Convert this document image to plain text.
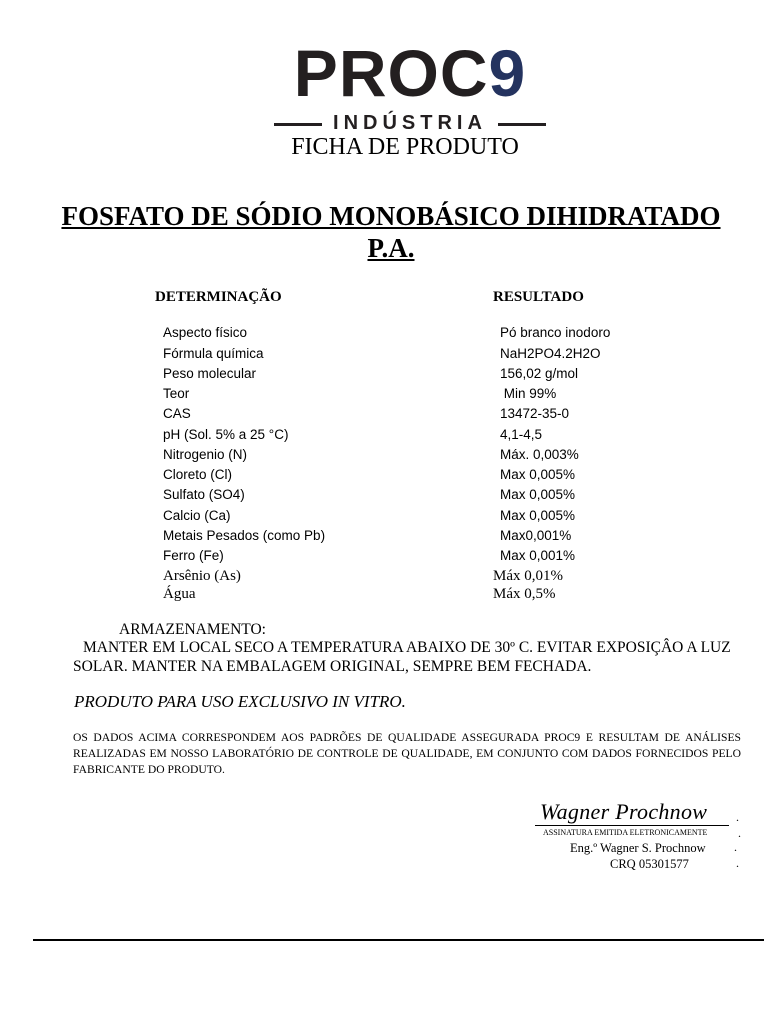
PROC9
INDÚSTRIA
FICHA DE PRODUTO
FOSFATO DE SÓDIO MONOBÁSICO DIHIDRATADO P.A.
DETERMINAÇÃO	RESULTADO
Aspecto físico	Pó branco inodoro
Fórmula química	NaH2PO4.2H2O
Peso molecular	156,02 g/mol
Teor	Min 99%
CAS	13472-35-0
pH (Sol. 5% a 25 °C)	4,1-4,5
Nitrogenio (N)	Máx. 0,003%
Cloreto (Cl)	Max 0,005%
Sulfato (SO4)	Max 0,005%
Calcio (Ca)	Max 0,005%
Metais Pesados (como Pb)	Max0,001%
Ferro (Fe)	Max 0,001%
Arsênio (As)	Máx 0,01%
Água	Máx 0,5%
ARMAZENAMENTO:
MANTER EM LOCAL SECO A TEMPERATURA ABAIXO DE 30º C. EVITAR EXPOSIÇÂO A LUZ SOLAR. MANTER NA EMBALAGEM ORIGINAL, SEMPRE BEM FECHADA.
PRODUTO PARA USO EXCLUSIVO IN VITRO.
OS DADOS ACIMA CORRESPONDEM AOS PADRÕES DE QUALIDADE ASSEGURADA PROC9 E RESULTAM DE ANÁLISES REALIZADAS EM NOSSO LABORATÓRIO DE CONTROLE DE QUALIDADE, EM CONJUNTO COM DADOS FORNECIDOS PELO FABRICANTE DO PRODUTO.
Wagner Prochnow	.
ASSINATURA EMITIDA ELETRONICAMENTE	.
Eng.º Wagner S. Prochnow .
CRQ 05301577	.
